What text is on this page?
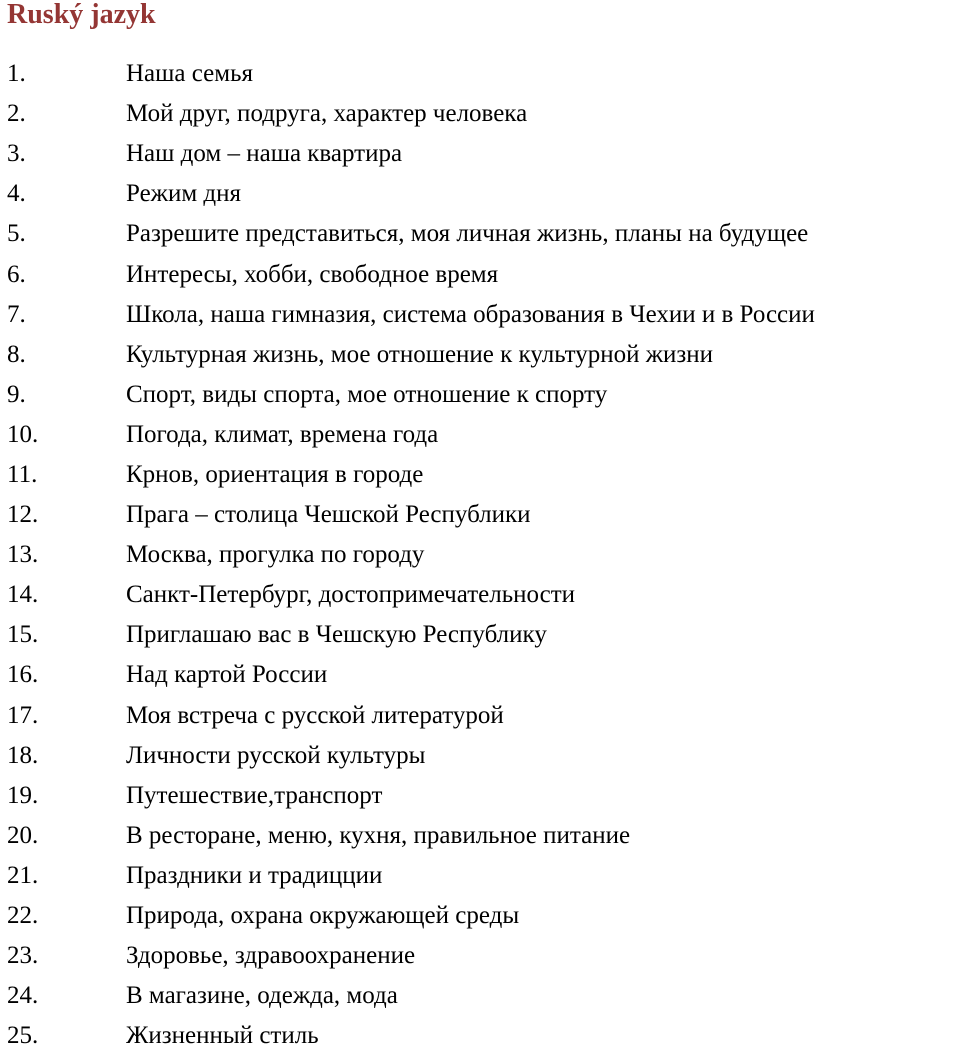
Ruský jazyk
1.	Наша семья
2.	Мой друг, подруга, характер человека
3.	Наш дом – наша квартира
4.	Режим дня
5.	Разрешите представиться, моя личная жизнь, планы на будущее
6.	Интересы, хобби, свободное время
7.	Школа, наша гимназия, система образования в Чехии и в России
8.	Культурная жизнь, мое отношение к культурной жизни
9.	Спорт, виды спорта, мое отношение к спорту
10.	Погода, климат, времена года
11.	Крнов, ориентация в городе
12.	Прага – столица Чешской Республики
13.	Москва, прогулка по городу
14.	Санкт-Петербург, достопримечательности
15.	Приглашаю вас в Чешскую Республику
16.	Над картой России
17.	Моя встреча с русской литературой
18.	Личности русской культуры
19.	Путешествие,транспорт
20.	В ресторане, меню, кухня, правильное питание
21.	Праздники и традицции
22.	Природа, охрана окружающей среды
23.	Здоровье, здравоохранение
24.	В магазине, одежда, мода
25.	Жизненный стиль
